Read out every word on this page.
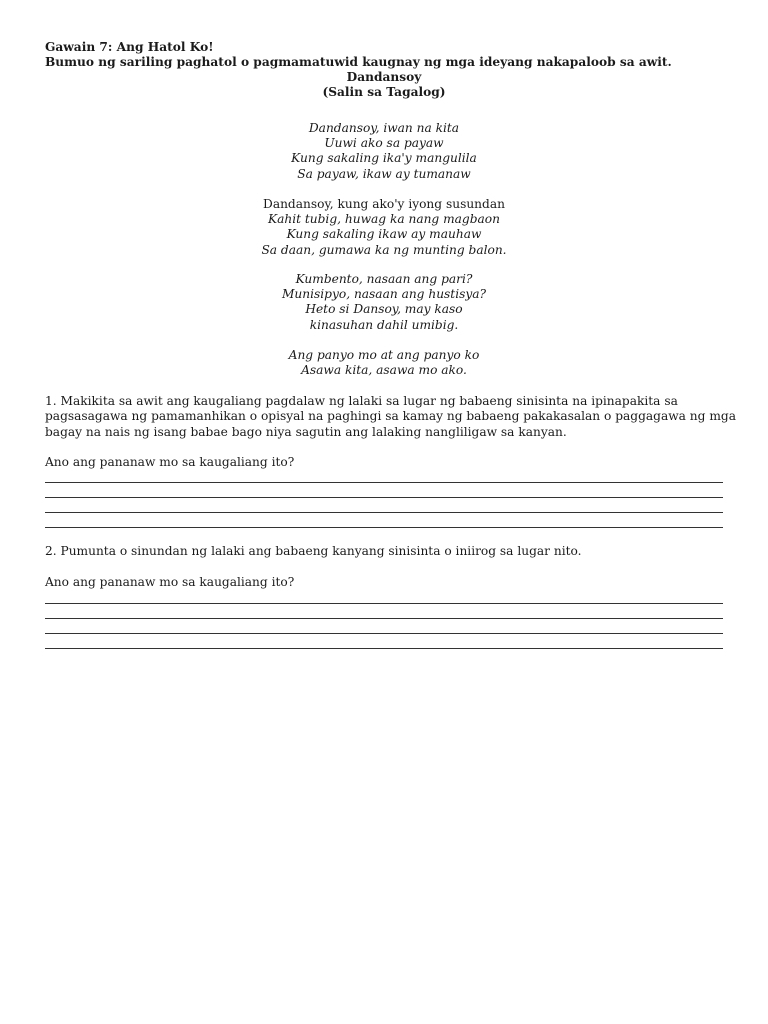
Gawain 7: Ang Hatol Ko!
Bumuo ng sariling paghatol o pagmamatuwid kaugnay ng mga ideyang nakapaloob sa awit.
Dandansoy
(Salin sa Tagalog)
Dandansoy, iwan na kita
Uuwi ako sa payaw
Kung sakaling ika'y mangulila
Sa payaw, ikaw ay tumanaw
Dandansoy, kung ako'y iyong susundan
Kahit tubig, huwag ka nang magbaon
Kung sakaling ikaw ay mauhaw
Sa daan, gumawa ka ng munting balon.
Kumbento, nasaan ang pari?
Munisipyo, nasaan ang hustisya?
Heto si Dansoy, may kaso
kinasuhan dahil umibig.
Ang panyo mo at ang panyo ko
Asawa kita, asawa mo ako.
1. Makikita sa awit ang kaugaliang pagdalaw ng lalaki sa lugar ng babaeng sinisinta na ipinapakita sa
pagsasagawa ng pamamanhikan o opisyal na paghingi sa kamay ng babaeng pakakasalan o paggagawa ng mga
bagay na nais ng isang babae bago niya sagutin ang lalaking nangliligaw sa kanyan.
Ano ang pananaw mo sa kaugaliang ito?
2. Pumunta o sinundan ng lalaki ang babaeng kanyang sinisinta o iniirog sa lugar nito.
Ano ang pananaw mo sa kaugaliang ito?
